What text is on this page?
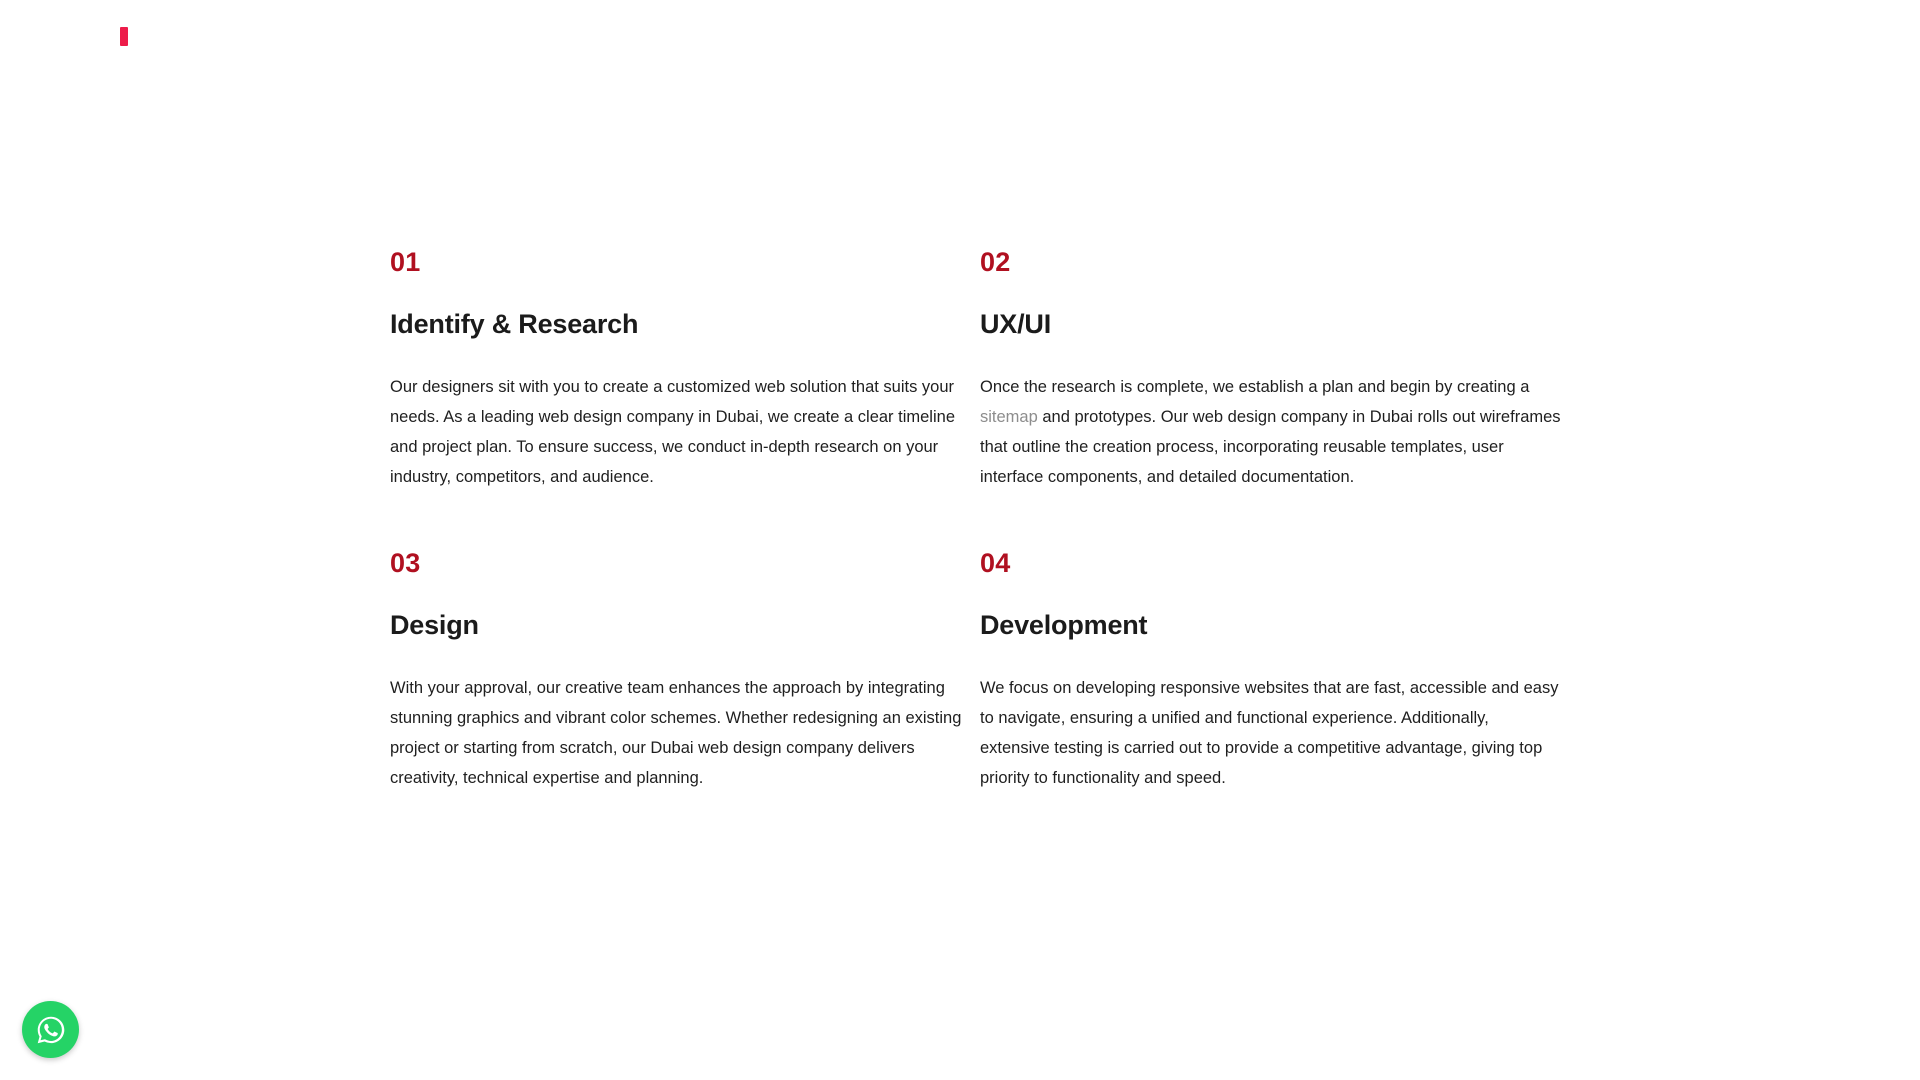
01
Identify & Research

Our designers sit with you to create a customized web solution that suits your needs. As a leading web design company in Dubai, we create a clear timeline and project plan. To ensure success, we conduct in-depth research on your industry, competitors, and audience.

02
UX/UI

Once the research is complete, we establish a plan and begin by creating a sitemap and prototypes. Our web design company in Dubai rolls out wireframes that outline the creation process, incorporating reusable templates, user interface components, and detailed documentation.

03
Design

With your approval, our creative team enhances the approach by integrating stunning graphics and vibrant color schemes. Whether redesigning an existing project or starting from scratch, our Dubai web design company delivers creativity, technical expertise and planning.

04
Development

We focus on developing responsive websites that are fast, accessible and easy to navigate, ensuring a unified and functional experience. Additionally, extensive testing is carried out to provide a competitive advantage, giving top priority to functionality and speed.
